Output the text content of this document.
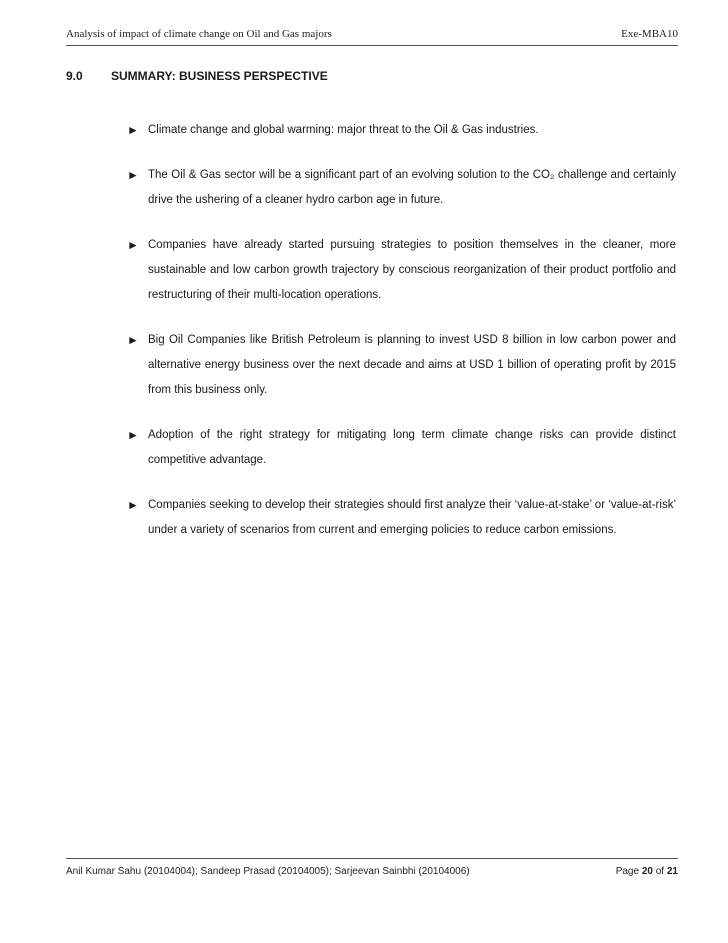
Analysis of impact of climate change on Oil and Gas majors	Exe-MBA10
9.0 SUMMARY: BUSINESS PERSPECTIVE
► Climate change and global warming: major threat to the Oil & Gas industries.
► The Oil & Gas sector will be a significant part of an evolving solution to the CO₂ challenge and certainly drive the ushering of a cleaner hydro carbon age in future.
► Companies have already started pursuing strategies to position themselves in the cleaner, more sustainable and low carbon growth trajectory by conscious reorganization of their product portfolio and restructuring of their multi-location operations.
► Big Oil Companies like British Petroleum is planning to invest USD 8 billion in low carbon power and alternative energy business over the next decade and aims at USD 1 billion of operating profit by 2015 from this business only.
► Adoption of the right strategy for mitigating long term climate change risks can provide distinct competitive advantage.
► Companies seeking to develop their strategies should first analyze their ‘value-at-stake’ or ‘value-at-risk’ under a variety of scenarios from current and emerging policies to reduce carbon emissions.
Anil Kumar Sahu (20104004); Sandeep Prasad (20104005); Sarjeevan Sainbhi (20104006)	Page 20 of 21
